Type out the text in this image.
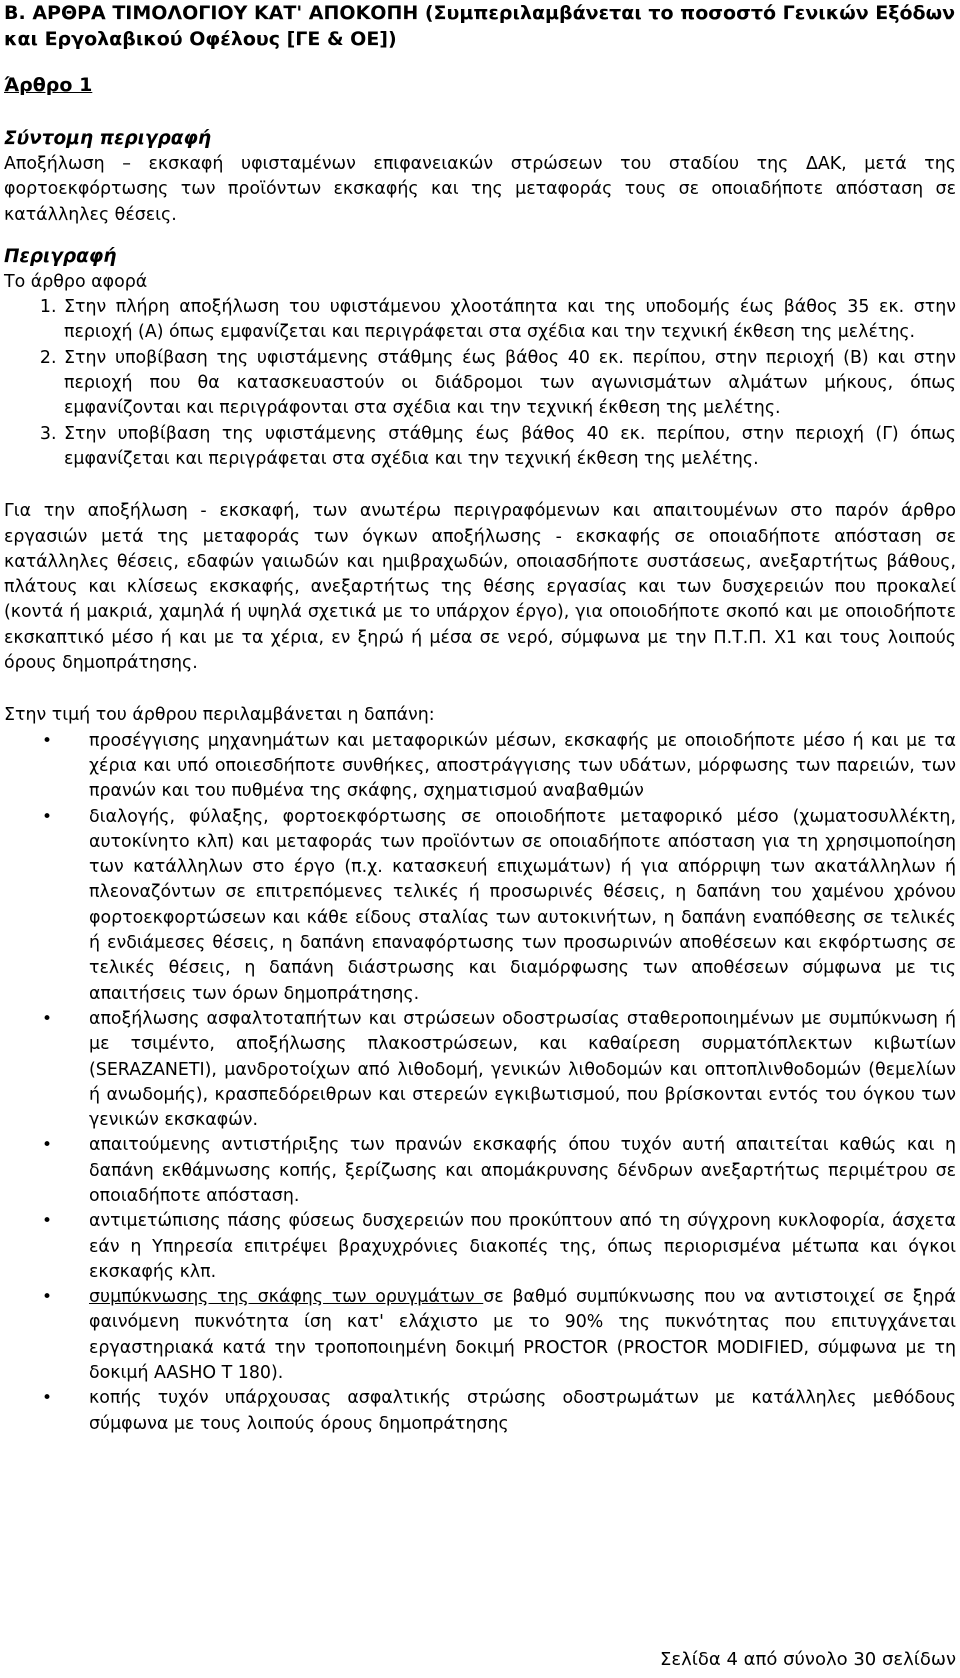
Β. ΑΡΘΡΑ ΤΙΜΟΛΟΓΙΟΥ ΚΑΤ' ΑΠΟΚΟΠΗ (Συμπεριλαμβάνεται το ποσοστό Γενικών Εξόδων και Εργολαβικού Οφέλους [ΓΕ & ΟΕ])
Άρθρο 1
Σύντομη περιγραφή

Αποξήλωση – εκσκαφή υφισταμένων επιφανειακών στρώσεων του σταδίου της ΔΑΚ, μετά της φορτοεκφόρτωσης των προϊόντων εκσκαφής και της μεταφοράς τους σε οποιαδήποτε απόσταση σε κατάλληλες θέσεις.

Περιγραφή

Το άρθρο αφορά

1. Στην πλήρη αποξήλωση του υφιστάμενου χλοοτάπητα και της υποδομής έως βάθος 35 εκ. στην περιοχή (Α) όπως εμφανίζεται και περιγράφεται στα σχέδια και την τεχνική έκθεση της μελέτης.
2. Στην υποβίβαση της υφιστάμενης στάθμης έως βάθος 40 εκ. περίπου, στην περιοχή (Β) και στην περιοχή που θα κατασκευαστούν οι διάδρομοι των αγωνισμάτων αλμάτων μήκους, όπως εμφανίζονται και περιγράφονται στα σχέδια και την τεχνική έκθεση της μελέτης.
3. Στην υποβίβαση της υφιστάμενης στάθμης έως βάθος 40 εκ. περίπου, στην περιοχή (Γ) όπως εμφανίζεται και περιγράφεται στα σχέδια και την τεχνική έκθεση της μελέτης.

Για την αποξήλωση - εκσκαφή, των ανωτέρω περιγραφόμενων και απαιτουμένων στο παρόν άρθρο εργασιών μετά της μεταφοράς των όγκων αποξήλωσης - εκσκαφής σε οποιαδήποτε απόσταση σε κατάλληλες θέσεις, εδαφών γαιωδών και ημιβραχωδών, οποιασδήποτε συστάσεως, ανεξαρτήτως βάθους, πλάτους και κλίσεως εκσκαφής, ανεξαρτήτως της θέσης εργασίας και των δυσχερειών που προκαλεί (κοντά ή μακριά, χαμηλά ή υψηλά σχετικά με το υπάρχον έργο), για οποιοδήποτε σκοπό και με οποιοδήποτε εκσκαπτικό μέσο ή και με τα χέρια, εν ξηρώ ή μέσα σε νερό, σύμφωνα με την Π.Τ.Π. Χ1 και τους λοιπούς όρους δημοπράτησης.

Στην τιμή του άρθρου περιλαμβάνεται η δαπάνη:

• προσέγγισης μηχανημάτων και μεταφορικών μέσων, εκσκαφής με οποιοδήποτε μέσο ή και με τα χέρια και υπό οποιεσδήποτε συνθήκες, αποστράγγισης των υδάτων, μόρφωσης των παρειών, των πρανών και του πυθμένα της σκάφης, σχηματισμού αναβαθμών
• διαλογής, φύλαξης, φορτοεκφόρτωσης σε οποιοδήποτε μεταφορικό μέσο (χωματοσυλλέκτη, αυτοκίνητο κλπ) και μεταφοράς των προϊόντων σε οποιαδήποτε απόσταση για τη χρησιμοποίηση των κατάλληλων στο έργο (π.χ. κατασκευή επιχωμάτων) ή για απόρριψη των ακατάλληλων ή πλεοναζόντων σε επιτρεπόμενες τελικές ή προσωρινές θέσεις, η δαπάνη του χαμένου χρόνου φορτοεκφορτώσεων και κάθε είδους σταλίας των αυτοκινήτων, η δαπάνη εναπόθεσης σε τελικές ή ενδιάμεσες θέσεις, η δαπάνη επαναφόρτωσης των προσωρινών αποθέσεων και εκφόρτωσης σε τελικές θέσεις, η δαπάνη διάστρωσης και διαμόρφωσης των αποθέσεων σύμφωνα με τις απαιτήσεις των όρων δημοπράτησης.
• αποξήλωσης ασφαλτοταπήτων και στρώσεων οδοστρωσίας σταθεροποιημένων με συμπύκνωση ή με τσιμέντο, αποξήλωσης πλακοστρώσεων, και καθαίρεση συρματόπλεκτων κιβωτίων (SERAZANETI), μανδροτοίχων από λιθοδομή, γενικών λιθοδομών και οπτοπλινθοδομών (θεμελίων ή ανωδομής), κρασπεδόρειθρων και στερεών εγκιβωτισμού, που βρίσκονται εντός του όγκου των γενικών εκσκαφών.
• απαιτούμενης αντιστήριξης των πρανών εκσκαφής όπου τυχόν αυτή απαιτείται καθώς και η δαπάνη εκθάμνωσης κοπής, ξερίζωσης και απομάκρυνσης δένδρων ανεξαρτήτως περιμέτρου σε οποιαδήποτε απόσταση.
• αντιμετώπισης πάσης φύσεως δυσχερειών που προκύπτουν από τη σύγχρονη κυκλοφορία, άσχετα εάν η Υπηρεσία επιτρέψει βραχυχρόνιες διακοπές της, όπως περιορισμένα μέτωπα και όγκοι εκσκαφής κλπ.
• συμπύκνωσης της σκάφης των ορυγμάτων σε βαθμό συμπύκνωσης που να αντιστοιχεί σε ξηρά φαινόμενη πυκνότητα ίση κατ' ελάχιστο με το 90% της πυκνότητας που επιτυγχάνεται εργαστηριακά κατά την τροποποιημένη δοκιμή PROCTOR (PROCTOR MODIFIED, σύμφωνα με τη δοκιμή AASHO T 180).
• κοπής τυχόν υπάρχουσας ασφαλτικής στρώσης οδοστρωμάτων με κατάλληλες μεθόδους σύμφωνα με τους λοιπούς όρους δημοπράτησης
Σελίδα 4 από σύνολο 30 σελίδων
